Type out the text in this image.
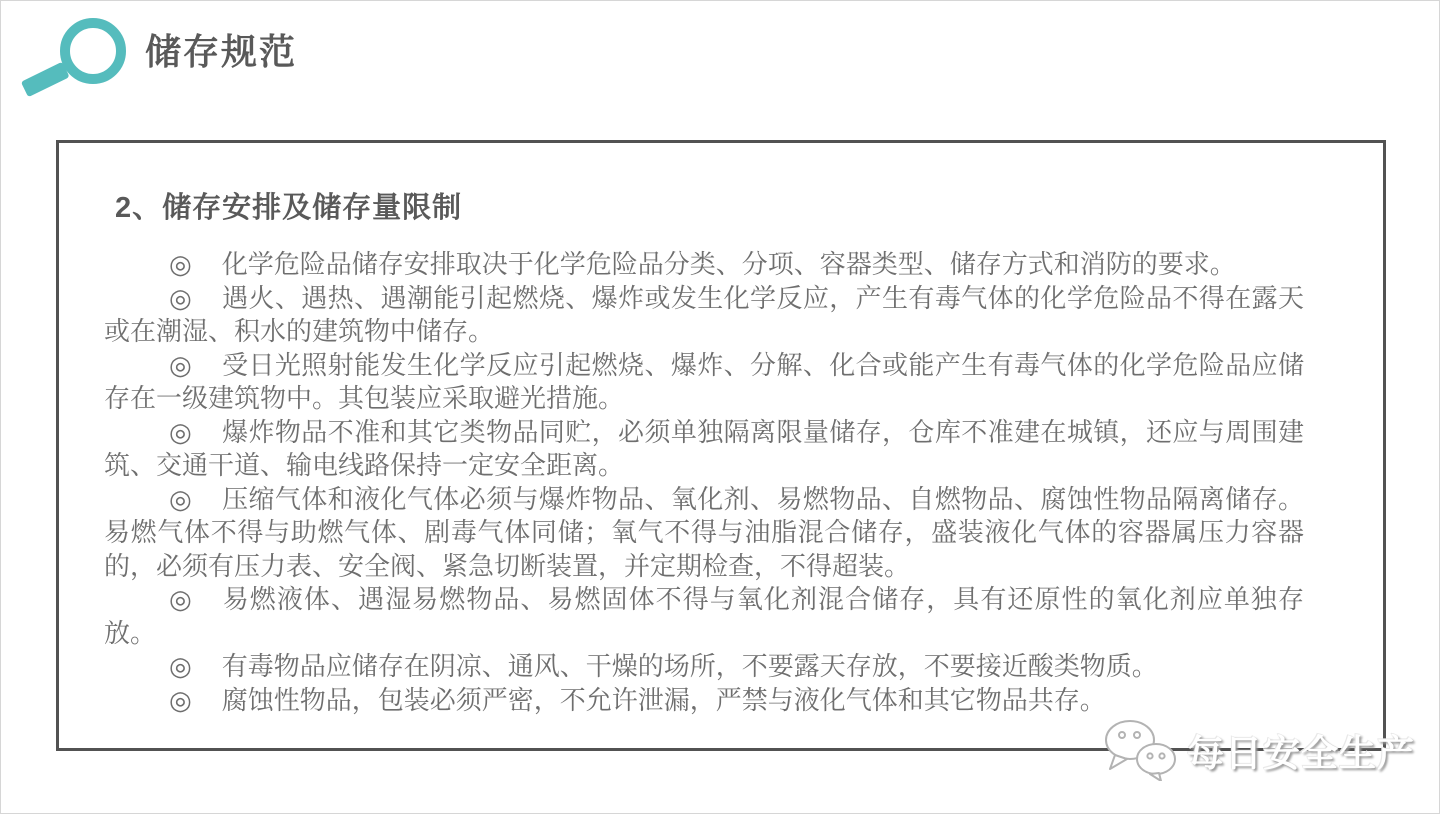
储存规范
2、储存安排及储存量限制

◎ 化学危险品储存安排取决于化学危险品分类、分项、容器类型、储存方式和消防的要求。

◎ 遇火、遇热、遇潮能引起燃烧、爆炸或发生化学反应，产生有毒气体的化学危险品不得在露天或在潮湿、积水的建筑物中储存。

◎ 受日光照射能发生化学反应引起燃烧、爆炸、分解、化合或能产生有毒气体的化学危险品应储存在一级建筑物中。其包装应采取避光措施。

◎ 爆炸物品不准和其它类物品同贮，必须单独隔离限量储存，仓库不准建在城镇，还应与周围建筑、交通干道、输电线路保持一定安全距离。

◎ 压缩气体和液化气体必须与爆炸物品、氧化剂、易燃物品、自燃物品、腐蚀性物品隔离储存。易燃气体不得与助燃气体、剧毒气体同储；氧气不得与油脂混合储存，盛装液化气体的容器属压力容器的，必须有压力表、安全阀、紧急切断装置，并定期检查，不得超装。

◎ 易燃液体、遇湿易燃物品、易燃固体不得与氧化剂混合储存，具有还原性的氧化剂应单独存放。

◎ 有毒物品应储存在阴凉、通风、干燥的场所，不要露天存放，不要接近酸类物质。

◎ 腐蚀性物品，包装必须严密，不允许泄漏，严禁与液化气体和其它物品共存。

每日安全生产
